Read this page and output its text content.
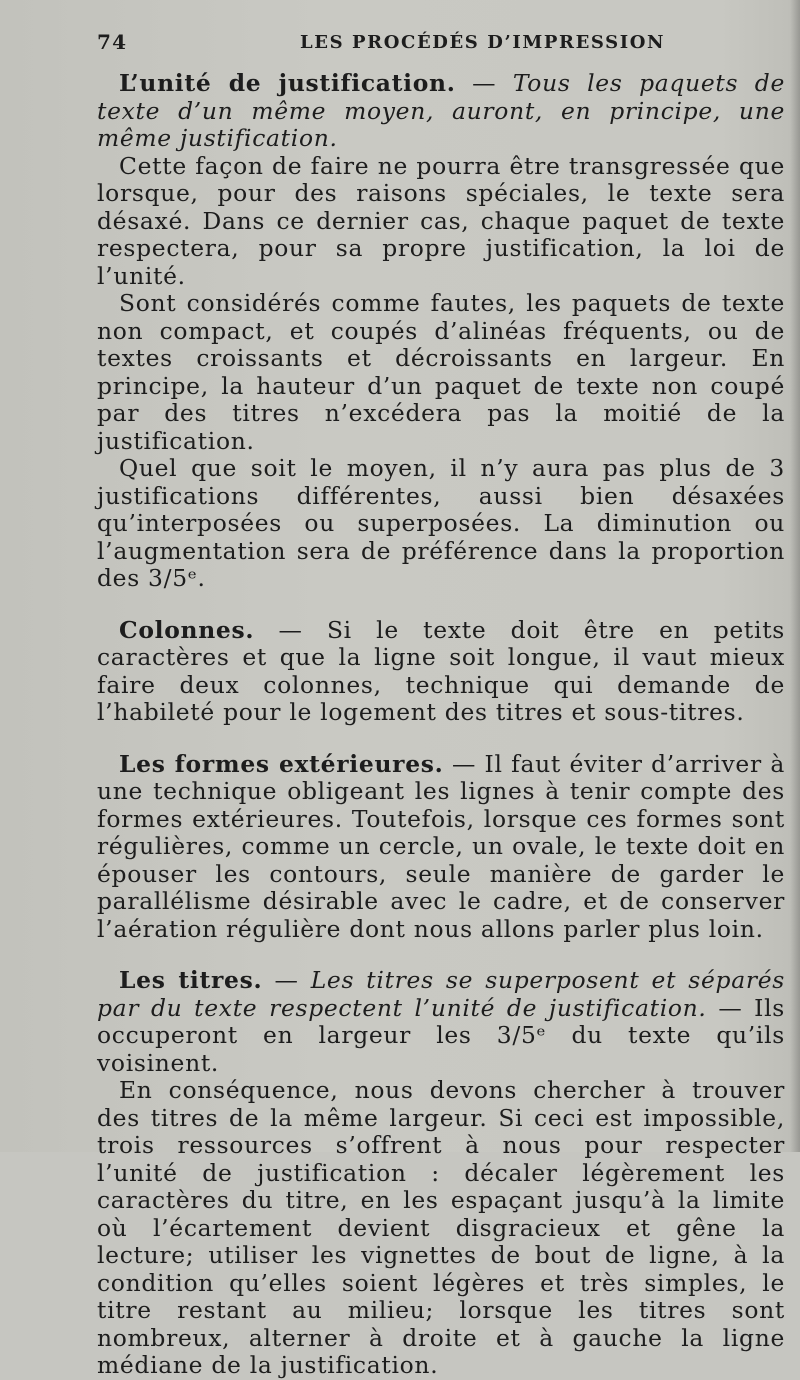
74	LES PROCÉDÉS D’IMPRESSION

L’unité de justification. — Tous les paquets de texte d’un même moyen, auront, en principe, une même justification.

Cette façon de faire ne pourra être transgressée que lorsque, pour des raisons spéciales, le texte sera désaxé. Dans ce dernier cas, chaque paquet de texte respectera, pour sa propre justification, la loi de l’unité.

Sont considérés comme fautes, les paquets de texte non compact, et coupés d’alinéas fréquents, ou de textes croissants et décroissants en largeur. En principe, la hauteur d’un paquet de texte non coupé par des titres n’excédera pas la moitié de la justification.

Quel que soit le moyen, il n’y aura pas plus de 3 justifications différentes, aussi bien désaxées qu’interposées ou superposées. La diminution ou l’augmentation sera de préférence dans la proportion des 3/5ᵉ.

Colonnes. — Si le texte doit être en petits caractères et que la ligne soit longue, il vaut mieux faire deux colonnes, technique qui demande de l’habileté pour le logement des titres et sous-titres.

Les formes extérieures. — Il faut éviter d’arriver à une technique obligeant les lignes à tenir compte des formes extérieures. Toutefois, lorsque ces formes sont régulières, comme un cercle, un ovale, le texte doit en épouser les contours, seule manière de garder le parallélisme désirable avec le cadre, et de conserver l’aération régulière dont nous allons parler plus loin.

Les titres. — Les titres se superposent et séparés par du texte respectent l’unité de justification. — Ils occuperont en largeur les 3/5ᵉ du texte qu’ils voisinent.

En conséquence, nous devons chercher à trouver des titres de la même largeur. Si ceci est impossible, trois ressources s’offrent à nous pour respecter l’unité de justification : décaler légèrement les caractères du titre, en les espaçant jusqu’à la limite où l’écartement devient disgracieux et gêne la lecture; utiliser les vignettes de bout de ligne, à la condition qu’elles soient légères et très simples, le titre restant au milieu; lorsque les titres sont nombreux, alterner à droite et à gauche la ligne médiane de la justification.
